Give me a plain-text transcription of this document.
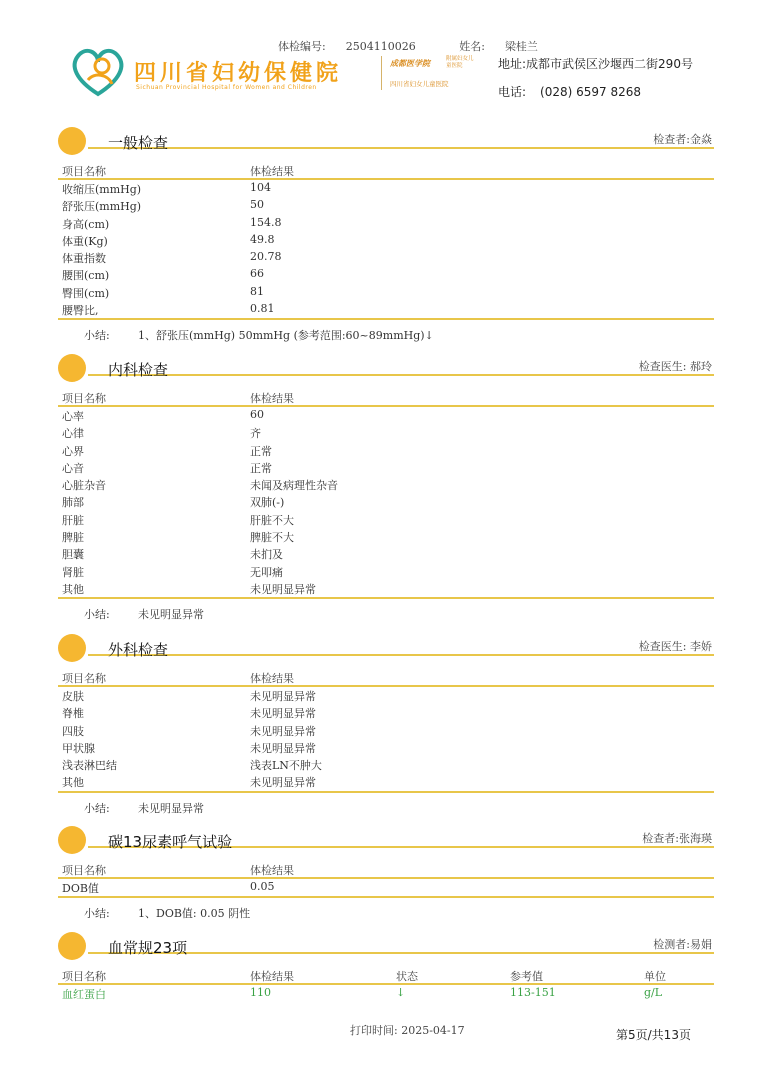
体检编号: 2504110026	姓名: 梁桂兰
四川省妇幼保健院
Sichuan Provincial Hospital for Women and Children
成都医学院	附属妇女儿童医院
四川省妇女儿童医院
地址:成都市武侯区沙堰西二街290号
电话: (028) 6597 8268
一般检查	检查者:金焱
项目名称	体检结果
收缩压(mmHg)	104
舒张压(mmHg)	50
身高(cm)	154.8
体重(Kg)	49.8
体重指数	20.78
腰围(cm)	66
臀围(cm)	81
腰臀比,	0.81
小结:	1、舒张压(mmHg) 50mmHg (参考范围:60~89mmHg)↓
内科检查	检查医生: 郝玲
项目名称	体检结果
心率	60
心律	齐
心界	正常
心音	正常
心脏杂音	未闻及病理性杂音
肺部	双肺(-)
肝脏	肝脏不大
脾脏	脾脏不大
胆囊	未扪及
肾脏	无叩痛
其他	未见明显异常
小结:	未见明显异常
外科检查	检查医生: 李娇
项目名称	体检结果
皮肤	未见明显异常
脊椎	未见明显异常
四肢	未见明显异常
甲状腺	未见明显异常
浅表淋巴结	浅表LN不肿大
其他	未见明显异常
小结:	未见明显异常
碳13尿素呼气试验	检查者:张海瑛
项目名称	体检结果
DOB值	0.05
小结:	1、DOB值: 0.05 阴性
血常规23项	检测者:易娟
项目名称	体检结果	状态	参考值	单位
血红蛋白	110	↓	113-151	g/L
打印时间: 2025-04-17	第5页/共13页
